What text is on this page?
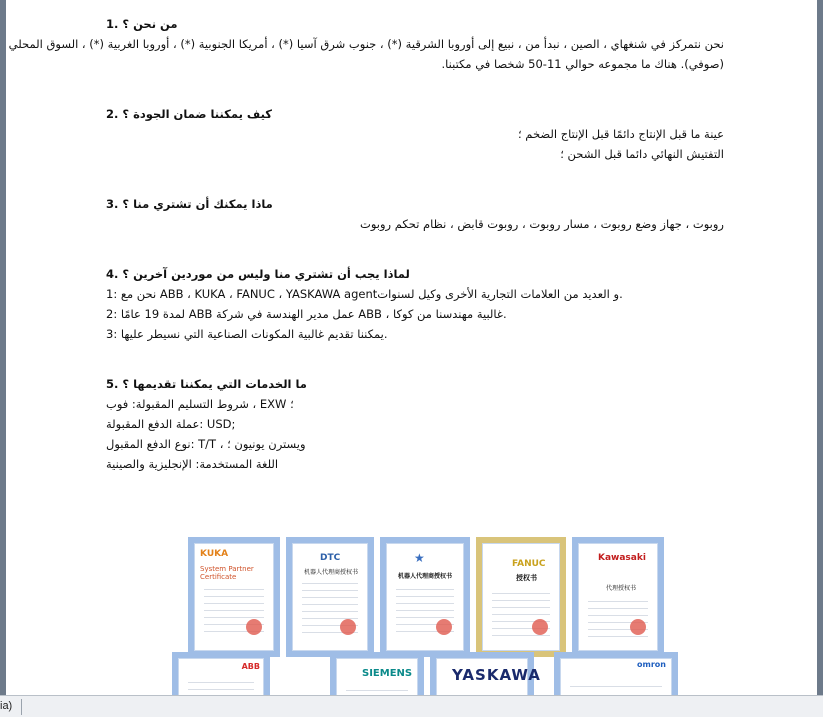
1. من نحن ؟
نحن نتمركز في شنغهاي ، الصين ، نبدأ من ، نبيع إلى أوروبا الشرقية (*) ، جنوب شرق آسيا (*) ، أمريكا الجنوبية (*) ، أوروبا الغربية (*) ، السوق المحلي
(صوفي). هناك ما مجموعه حوالي 11-50 شخصا في مكتبنا.
2. كيف يمكننا ضمان الجودة ؟
عينة ما قبل الإنتاج دائمًا قبل الإنتاج الضخم ؛
التفتيش النهائي دائما قبل الشحن ؛
3. ماذا يمكنك أن تشتري منا ؟
روبوت ، جهاز وضع روبوت ، مسار روبوت ، روبوت قابض ، نظام تحكم روبوت
4. لماذا يجب أن تشتري منا وليس من موردين آخرين ؟
1: نحن مع ABB ، KUKA ، FANUC ، YASKAWA agentو العديد من العلامات التجارية الأخرى وكيل لسنوات.
2: لمدة 19 عامًا ABB عمل مدير الهندسة في شركة ABB ، غالبية مهندسنا من كوكا.
3: يمكننا تقديم غالبية المكونات الصناعية التي نسيطر عليها.
5. ما الخدمات التي يمكننا تقديمها ؟
شروط التسليم المقبولة: فوب ، EXW ؛
عملة الدفع المقبولة: USD;
نوع الدفع المقبول: T/T ، ويسترن يونيون ؛
اللغة المستخدمة: الإنجليزية والصينية
KUKA
System Partner Certificate
DTC
机器人代理商授权书
★
机器人代理商授权书
FANUC
授权书
Kawasaki
代理授权书
ABB
SIEMENS	YASKAWA
omron
ia)
